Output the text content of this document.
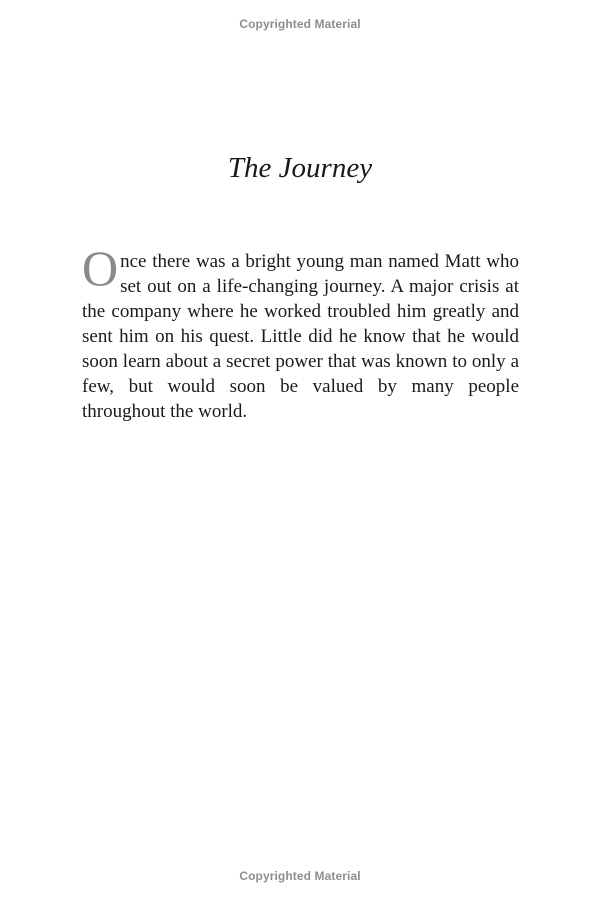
Copyrighted Material
The Journey

Once there was a bright young man named Matt who set out on a life-changing journey. A major crisis at the company where he worked troubled him greatly and sent him on his quest. Little did he know that he would soon learn about a secret power that was known to only a few, but would soon be valued by many people throughout the world.

Copyrighted Material
